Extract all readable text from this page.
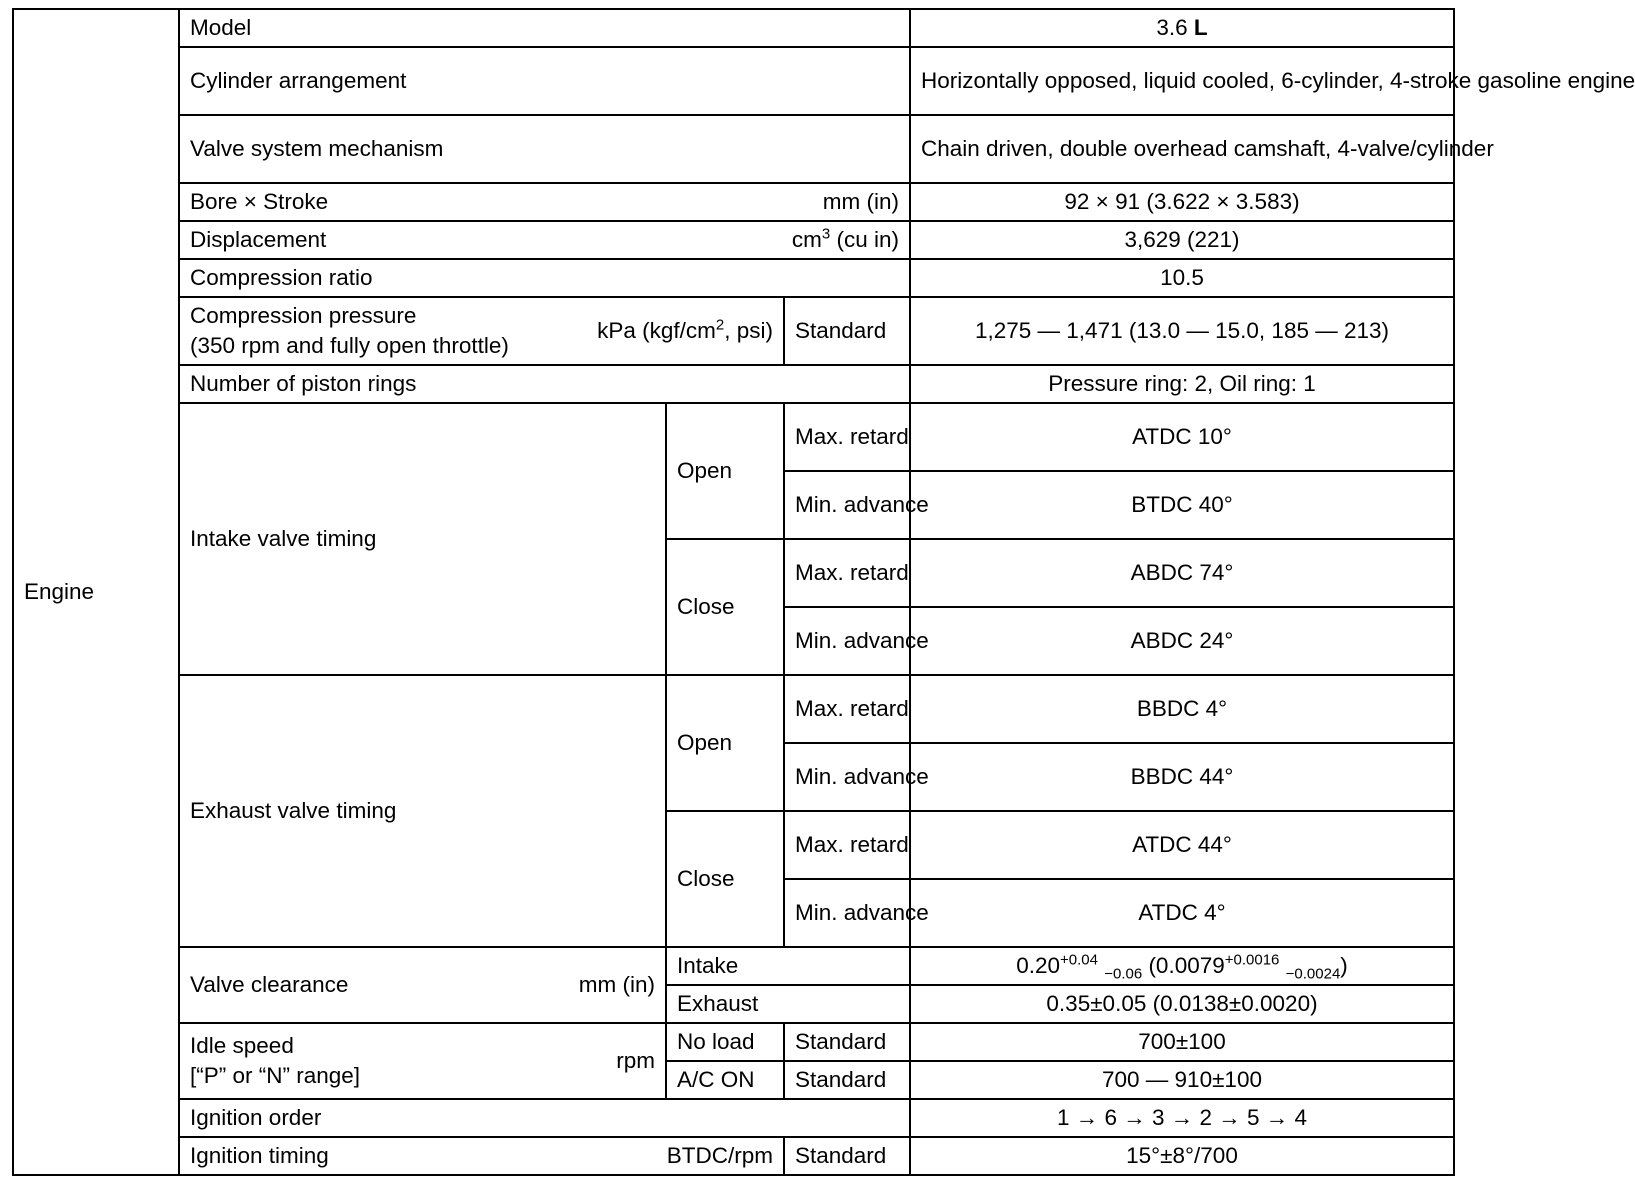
Engine	Model			3.6 L
	Cylinder arrangement			Horizontally opposed, liquid cooled, 6-cylinder, 4-stroke gasoline engine
	Valve system mechanism			Chain driven, double overhead camshaft, 4-valve/cylinder

	Bore × Stroke mm (in)			92 × 91 (3.622 × 3.583)

	Displacement $cm^3$ (cu in)			3,629 (221)
	Compression ratio			10.5

	Compression pressure
(350 rpm and fully open throttle)
kPa ($kgf/cm^2$, psi)		Standard	1,275 — 1,471 (13.0 — 15.0, 185 — 213)
	Number of piston rings			Pressure ring: 2, Oil ring: 1
	Intake valve timing	Open	Max. retard	ATDC 10°
			Min. advance	BTDC 40°
		Close	Max. retard	ABDC 74°
			Min. advance	ABDC 24°
	Exhaust valve timing	Open	Max. retard	BBDC 4°
			Min. advance	BBDC 44°
		Close	Max. retard	ATDC 44°
			Min. advance	ATDC 4°

	Valve clearance mm (in)	Intake		$0.20^{+0.04}$ $_{-0.06}$ ($0.0079^{+0.0016}$ $_{-0.0024}$)
		Exhaust		0.35±0.05 (0.0138±0.0020)

	Idle speed
[“P” or “N” range]
rpm	No load	Standard	700±100
		A/C ON	Standard	700 — 910±100
	Ignition order			1 → 6 → 3 → 2 → 5 → 4

	Ignition timing BTDC/rpm		Standard	15°±8°/700
